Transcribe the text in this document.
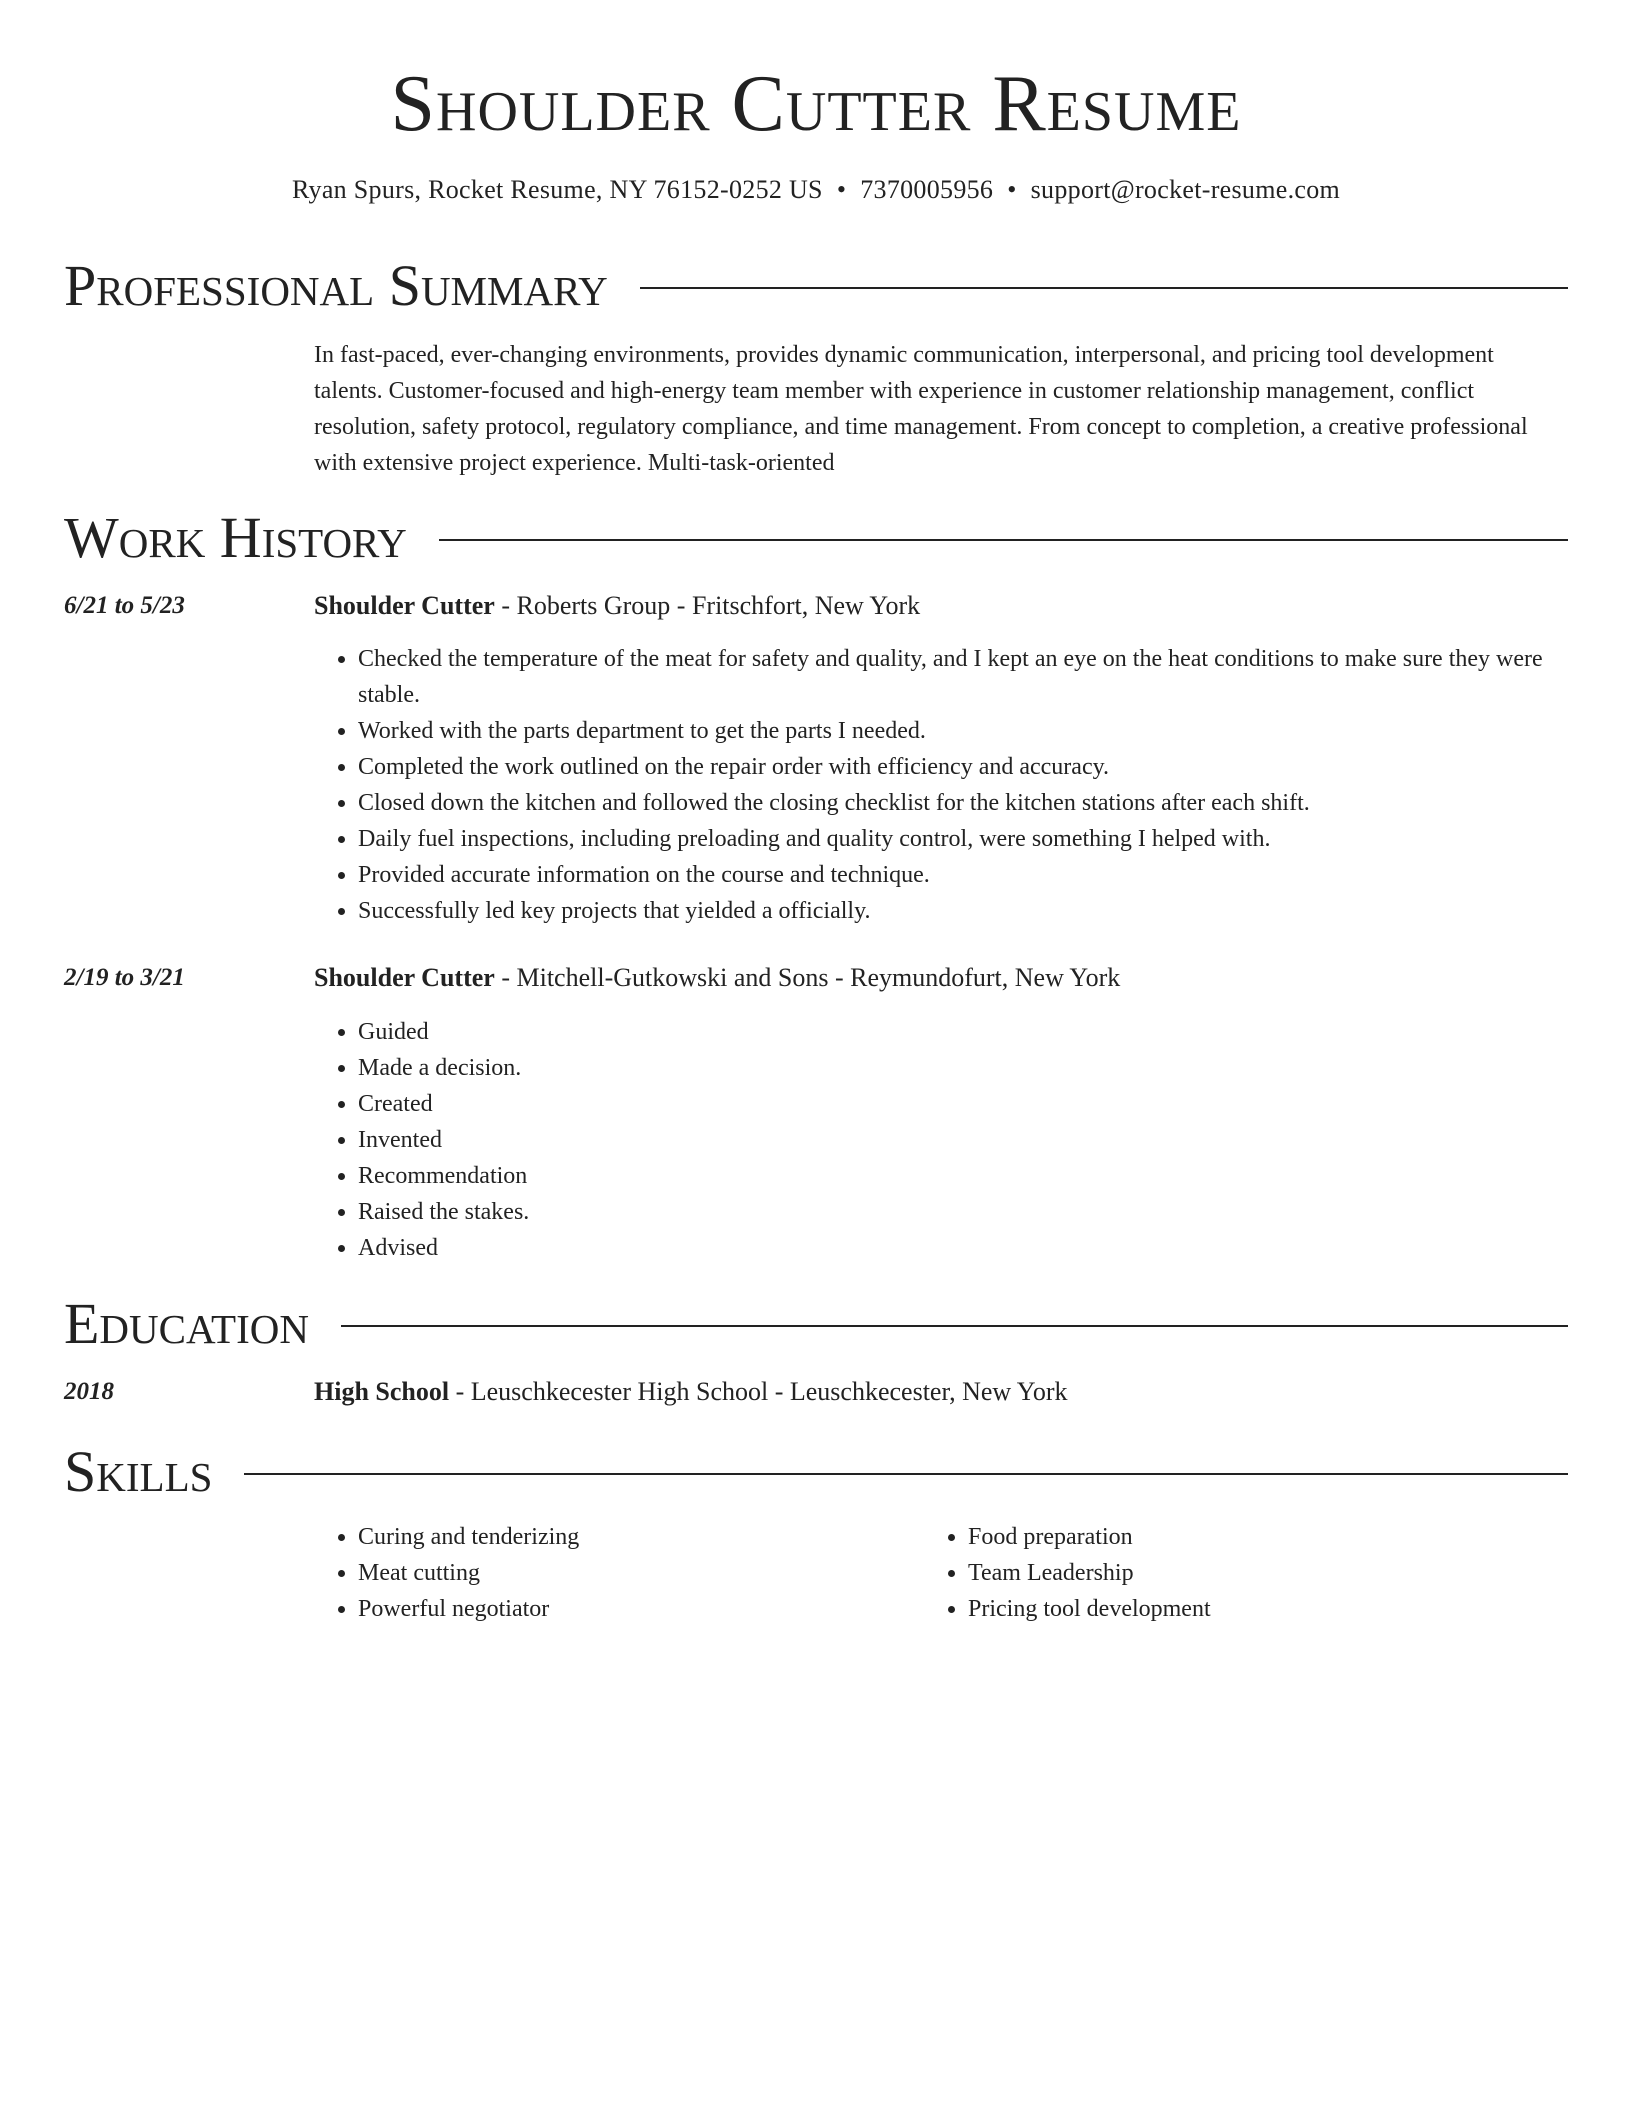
Shoulder Cutter Resume
Ryan Spurs, Rocket Resume, NY 76152-0252 US • 7370005956 • support@rocket-resume.com
Professional Summary

In fast-paced, ever-changing environments, provides dynamic communication, interpersonal, and pricing tool development talents. Customer-focused and high-energy team member with experience in customer relationship management, conflict resolution, safety protocol, regulatory compliance, and time management. From concept to completion, a creative professional with extensive project experience. Multi-task-oriented

Work History
6/21 to 5/23	Shoulder Cutter - Roberts Group - Fritschfort, New York
• Checked the temperature of the meat for safety and quality, and I kept an eye on the heat conditions to make sure they were stable.
• Worked with the parts department to get the parts I needed.
• Completed the work outlined on the repair order with efficiency and accuracy.
• Closed down the kitchen and followed the closing checklist for the kitchen stations after each shift.
• Daily fuel inspections, including preloading and quality control, were something I helped with.
• Provided accurate information on the course and technique.
• Successfully led key projects that yielded a officially.
2/19 to 3/21	Shoulder Cutter - Mitchell-Gutkowski and Sons - Reymundofurt, New York
• Guided
• Made a decision.
• Created
• Invented
• Recommendation
• Raised the stakes.
• Advised
Education
2018	High School - Leuschkecester High School - Leuschkecester, New York
Skills
• Curing and tenderizing
• Meat cutting
• Powerful negotiator
• Food preparation
• Team Leadership
• Pricing tool development
